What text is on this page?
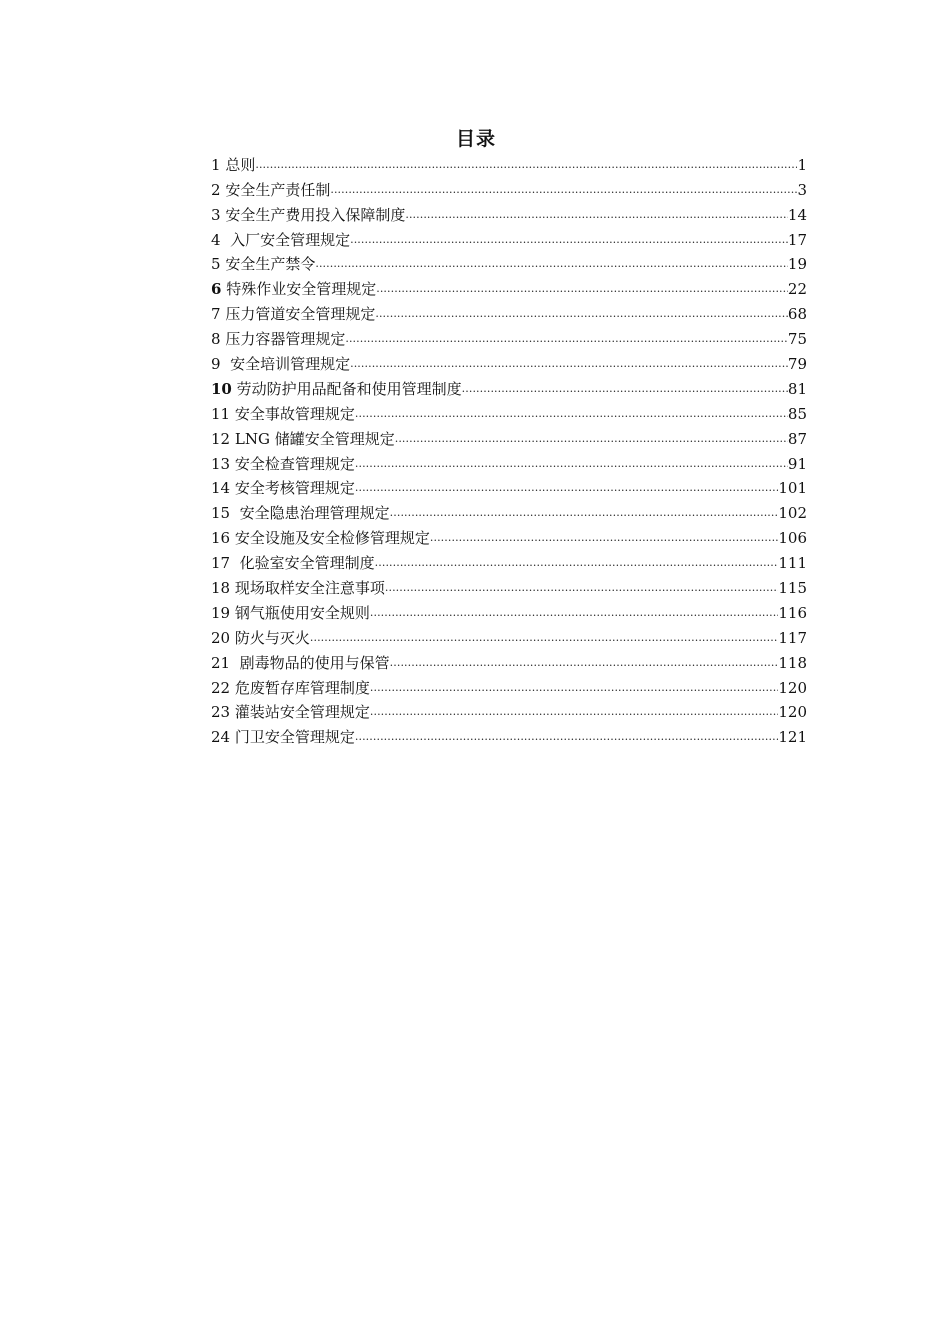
目录
1 总则 .....	1
2 安全生产责任制 .....	3
3 安全生产费用投入保障制度 .....	14
4 入厂安全管理规定 .....	17
5 安全生产禁令 .....	19
6 特殊作业安全管理规定 .....	22
7 压力管道安全管理规定 .....	68
8 压力容器管理规定 .....	75
9 安全培训管理规定 .....	79
10 劳动防护用品配备和使用管理制度 .....	81
11 安全事故管理规定 .....	85
12 LNG 储罐安全管理规定 .....	87
13 安全检查管理规定 .....	91
14 安全考核管理规定 .....	101
15 安全隐患治理管理规定 .....	102
16 安全设施及安全检修管理规定 .....	106
17 化验室安全管理制度 .....	111
18 现场取样安全注意事项 .....	115
19 钢气瓶使用安全规则 .....	116
20 防火与灭火 .....	117
21 剧毒物品的使用与保管 .....	118
22 危废暂存库管理制度 .....	120
23 灌装站安全管理规定 .....	120
24 门卫安全管理规定 .....	121
